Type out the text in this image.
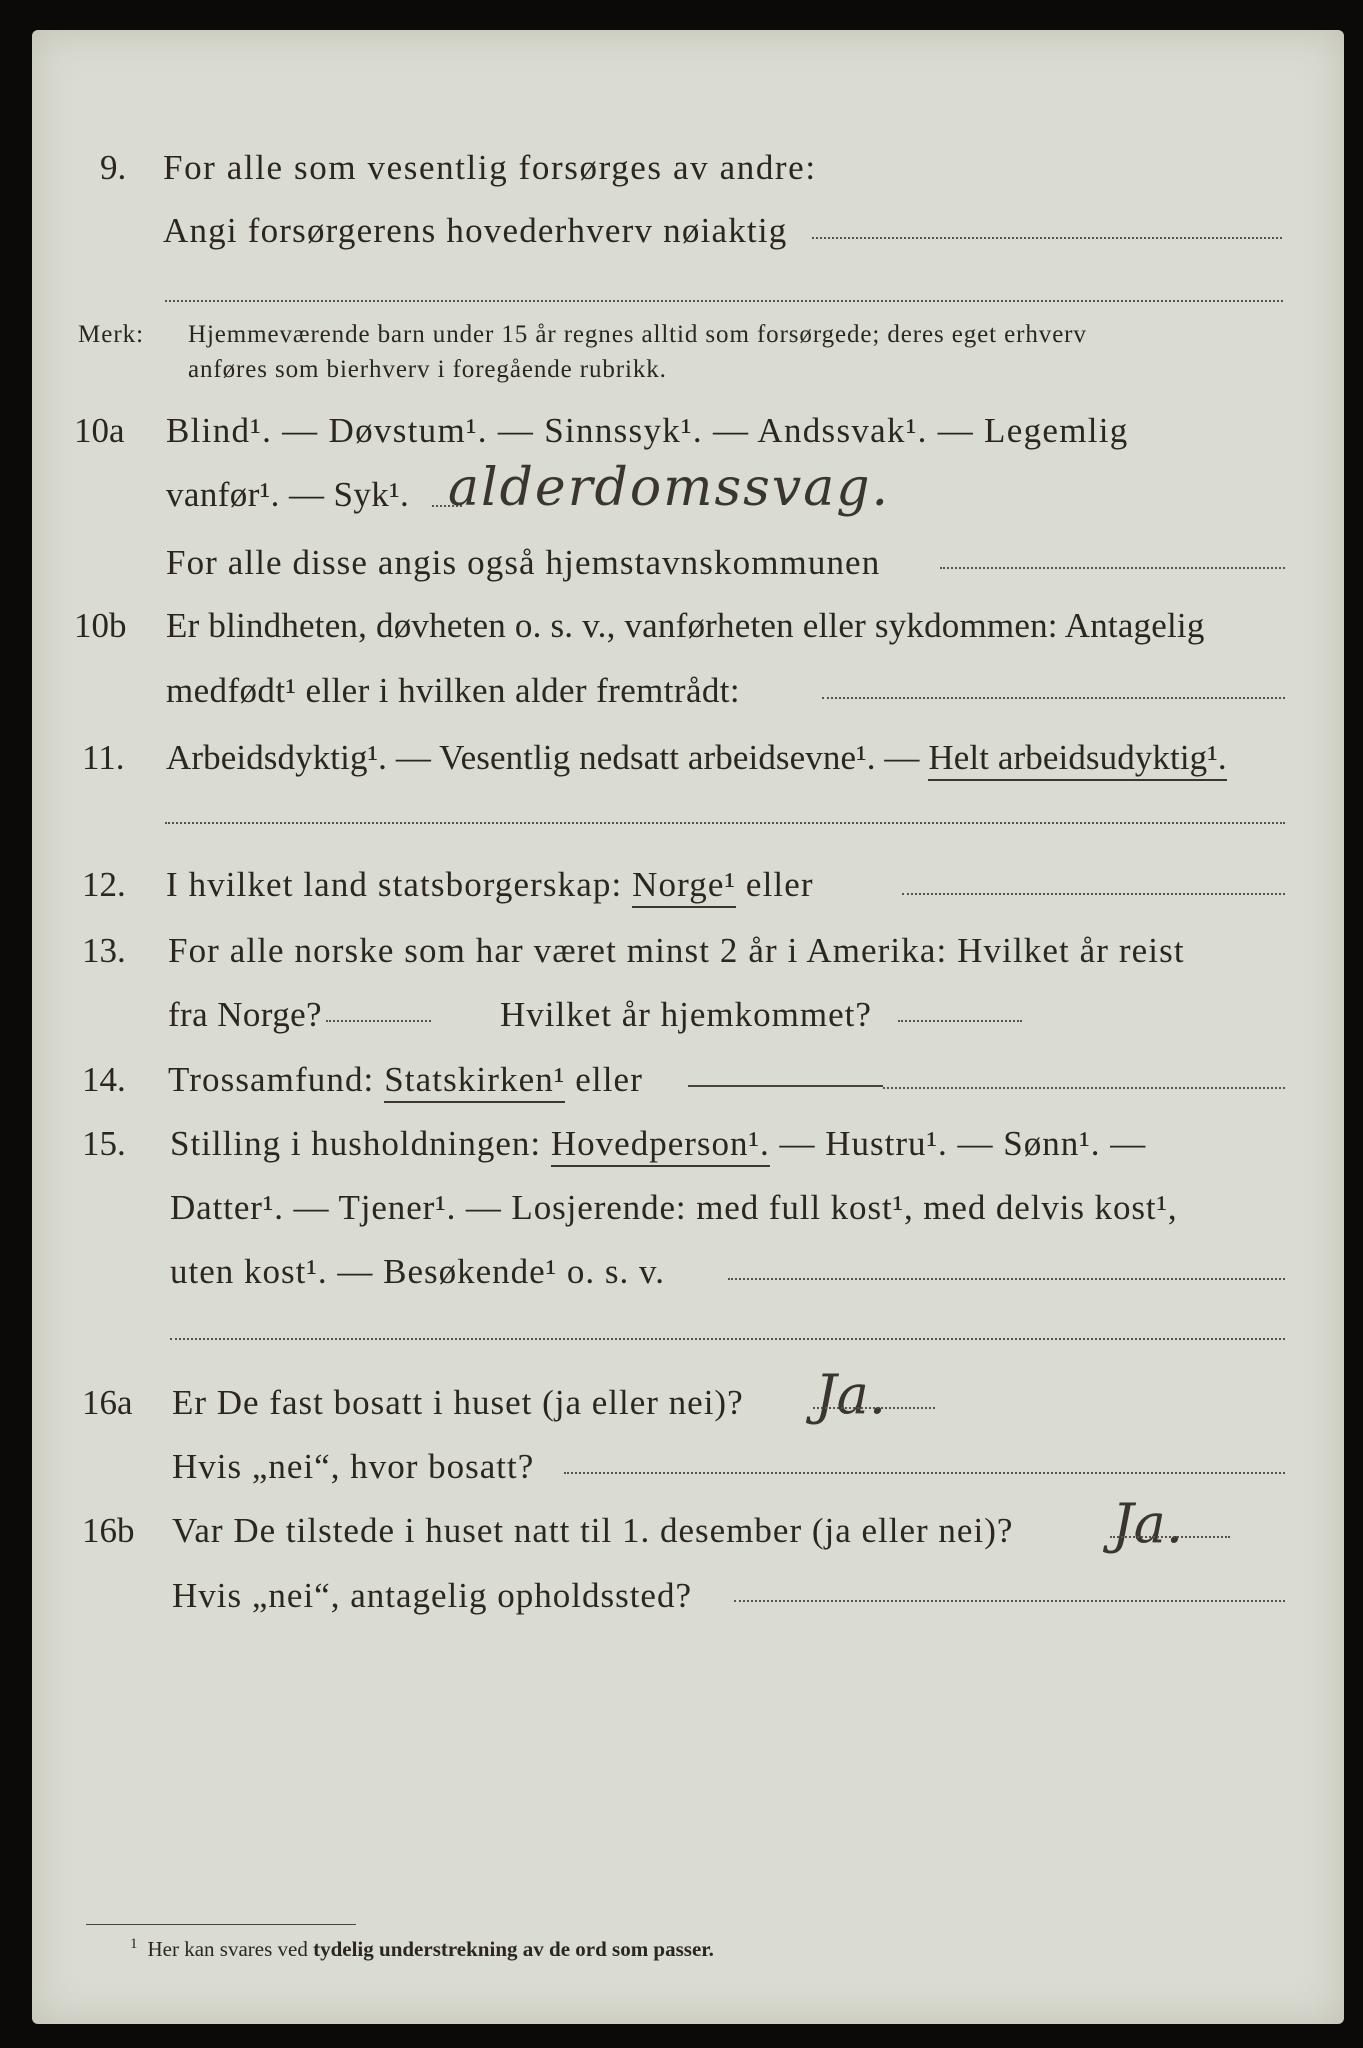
9. For alle som vesentlig forsørges av andre:
Angi forsørgerens hovederhverv nøiaktig
Merk: Hjemmeværende barn under 15 år regnes alltid som forsørgede; deres eget erhverv
anføres som bierhverv i foregående rubrikk.
10a Blind¹. — Døvstum¹. — Sinnssyk¹. — Andssvak¹. — Legemlig
vanfør¹. — Syk¹. alderdomssvag.
For alle disse angis også hjemstavnskommunen
10b Er blindheten, døvheten o. s. v., vanførheten eller sykdommen: Antagelig
medfødt¹ eller i hvilken alder fremtrådt:
11. Arbeidsdyktig¹. — Vesentlig nedsatt arbeidsevne¹. — Helt arbeidsudyktig¹.
12. I hvilket land statsborgerskap: Norge¹ eller
13. For alle norske som har været minst 2 år i Amerika: Hvilket år reist
fra Norge?	Hvilket år hjemkommet?
14. Trossamfund: Statskirken¹ eller
15. Stilling i husholdningen: Hovedperson¹. — Hustru¹. — Sønn¹. —
Datter¹. — Tjener¹. — Losjerende: med full kost¹, med delvis kost¹,
uten kost¹. — Besøkende¹ o. s. v.
16a Er De fast bosatt i huset (ja eller nei)? Ja.
Hvis „nei“, hvor bosatt?
16b Var De tilstede i huset natt til 1. desember (ja eller nei)? Ja.
Hvis „nei“, antagelig opholdssted?
$^1$ Her kan svares ved tydelig understrekning av de ord som passer.
